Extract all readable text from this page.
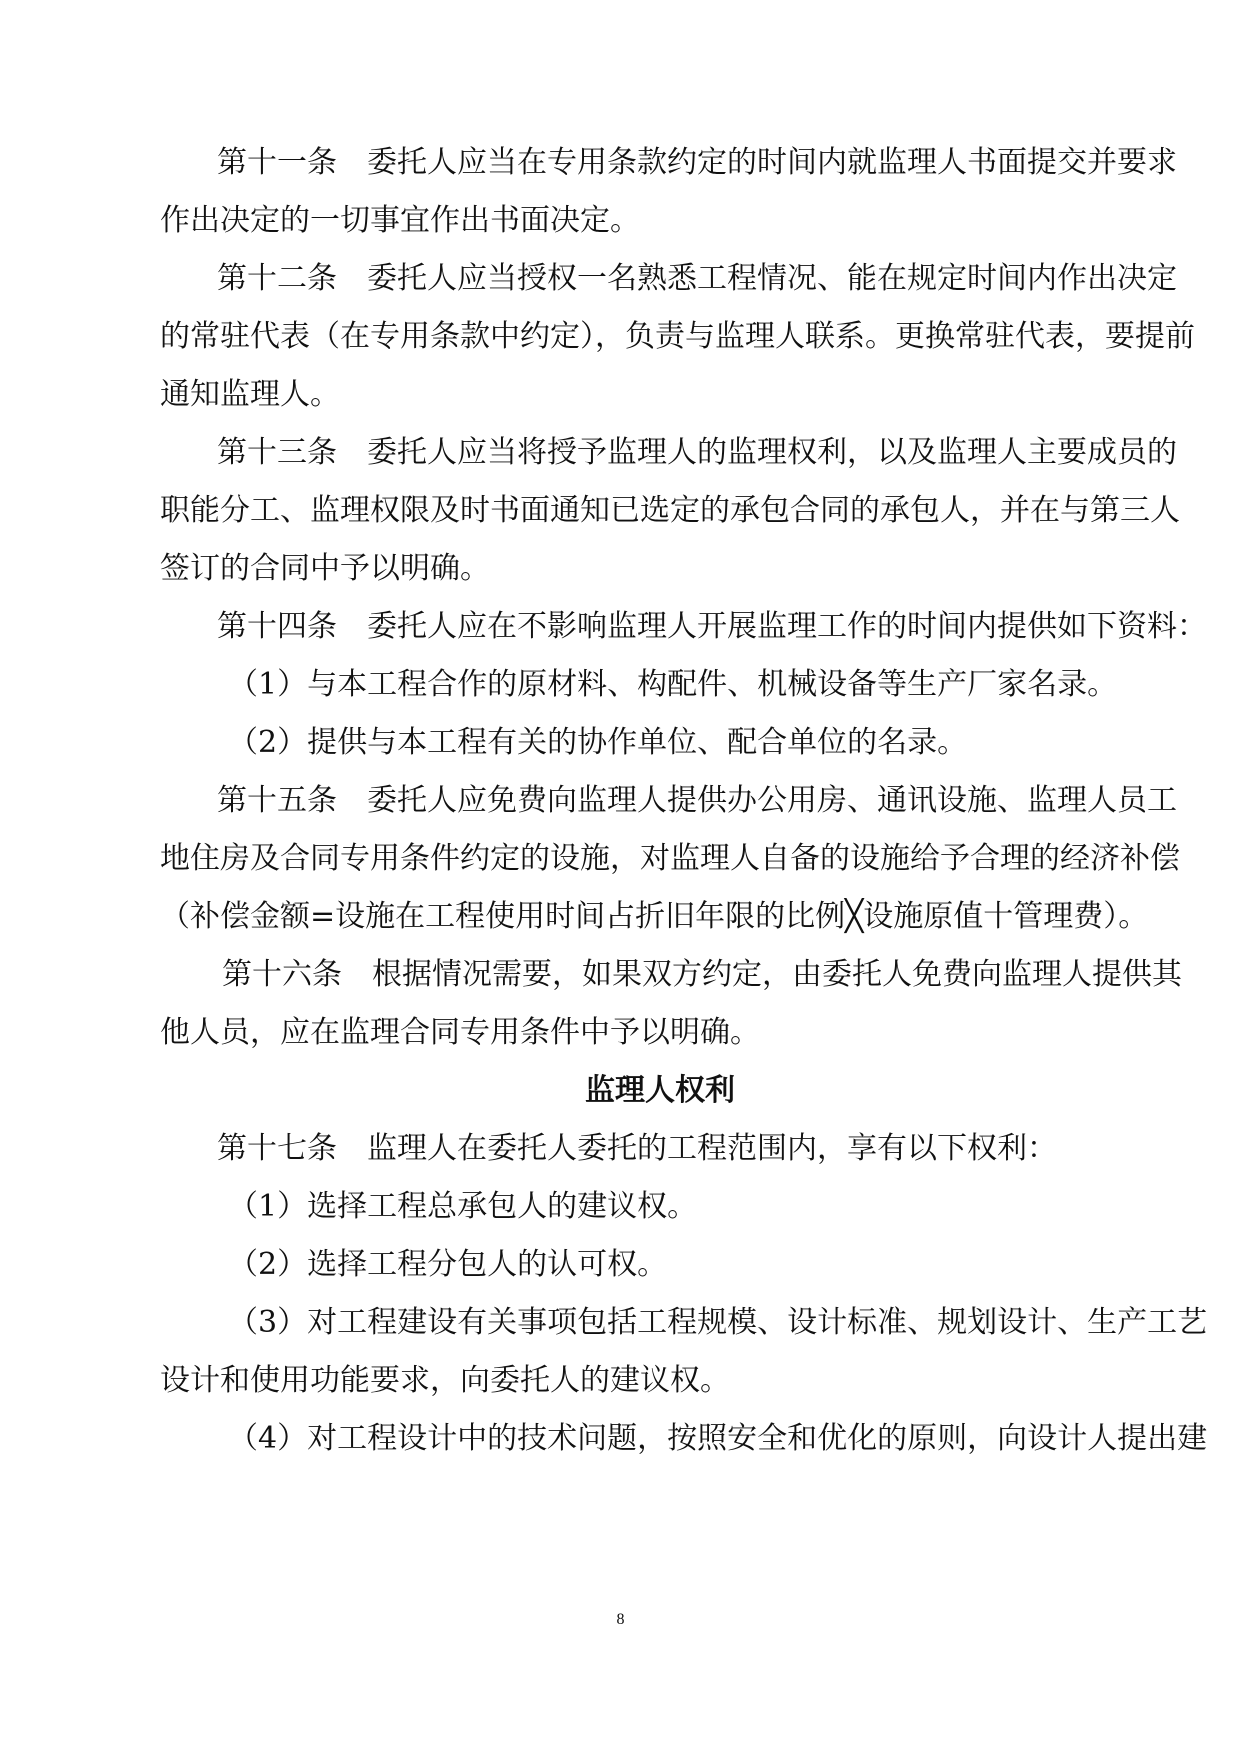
第十一条 委托人应当在专用条款约定的时间内就监理人书面提交并要求
作出决定的一切事宜作出书面决定。
第十二条 委托人应当授权一名熟悉工程情况、能在规定时间内作出决定
的常驻代表（在专用条款中约定），负责与监理人联系。更换常驻代表，要提前
通知监理人。
第十三条 委托人应当将授予监理人的监理权利，以及监理人主要成员的
职能分工、监理权限及时书面通知已选定的承包合同的承包人，并在与第三人
签订的合同中予以明确。
第十四条 委托人应在不影响监理人开展监理工作的时间内提供如下资料：
（1）与本工程合作的原材料、构配件、机械设备等生产厂家名录。
（2）提供与本工程有关的协作单位、配合单位的名录。
第十五条 委托人应免费向监理人提供办公用房、通讯设施、监理人员工
地住房及合同专用条件约定的设施，对监理人自备的设施给予合理的经济补偿
（补偿金额=设施在工程使用时间占折旧年限的比例╳设施原值十管理费）。
第十六条 根据情况需要，如果双方约定，由委托人免费向监理人提供其
他人员，应在监理合同专用条件中予以明确。
监理人权利
第十七条 监理人在委托人委托的工程范围内，享有以下权利：
（1）选择工程总承包人的建议权。
（2）选择工程分包人的认可权。
（3）对工程建设有关事项包括工程规模、设计标准、规划设计、生产工艺
设计和使用功能要求，向委托人的建议权。
（4）对工程设计中的技术问题，按照安全和优化的原则，向设计人提出建
8
